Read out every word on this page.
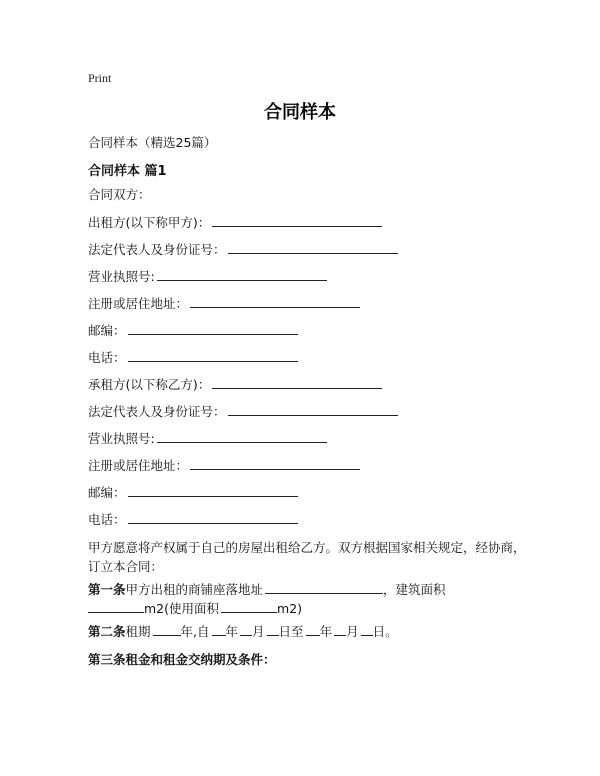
Print
合同样本
合同样本（精选25篇）
合同样本 篇1
合同双方：
出租方(以下称甲方)：
法定代表人及身份证号：
营业执照号:
注册或居住地址：
邮编：
电话：
承租方(以下称乙方)：
法定代表人及身份证号：
营业执照号:
注册或居住地址：
邮编：
电话：
甲方愿意将产权属于自己的房屋出租给乙方。双方根据国家相关规定，经协商，订立本合同：
第一条甲方出租的商铺座落地址	，建筑面积
m2(使用面积	m2)
第二条租期 年,自 年 月 日至 年 月 日。
第三条租金和租金交纳期及条件：
